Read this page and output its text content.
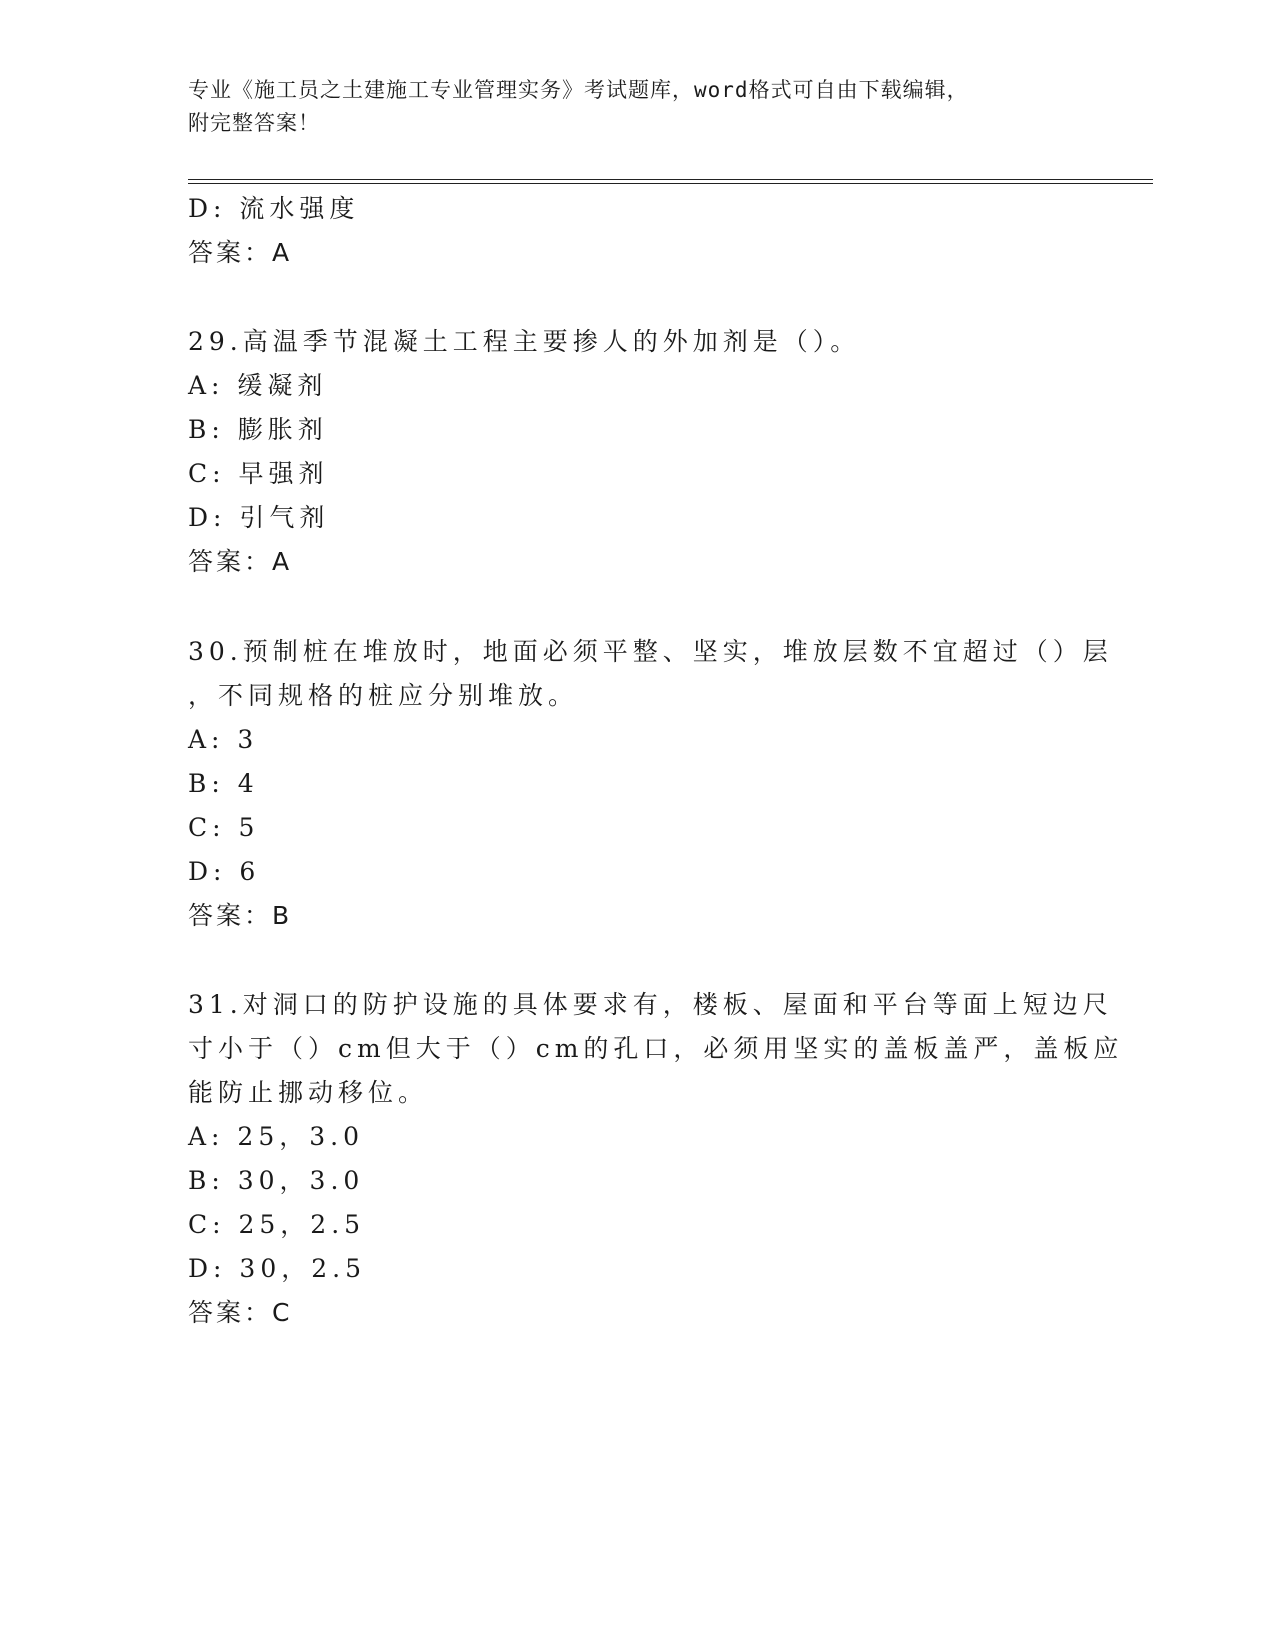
专业《施工员之土建施工专业管理实务》考试题库，word格式可自由下载编辑，
附完整答案！
D: 流水强度
答案：A
29.高温季节混凝土工程主要掺人的外加剂是（）。
A: 缓凝剂
B: 膨胀剂
C: 早强剂
D: 引气剂
答案：A
30.预制桩在堆放时，地面必须平整、坚实，堆放层数不宜超过（）层
，不同规格的桩应分别堆放。
A: 3
B: 4
C: 5
D: 6
答案：B
31.对洞口的防护设施的具体要求有，楼板、屋面和平台等面上短边尺
寸小于（）cm但大于（）cm的孔口，必须用坚实的盖板盖严，盖板应
能防止挪动移位。
A: 25，3.0
B: 30，3.0
C: 25，2.5
D: 30，2.5
答案：C
